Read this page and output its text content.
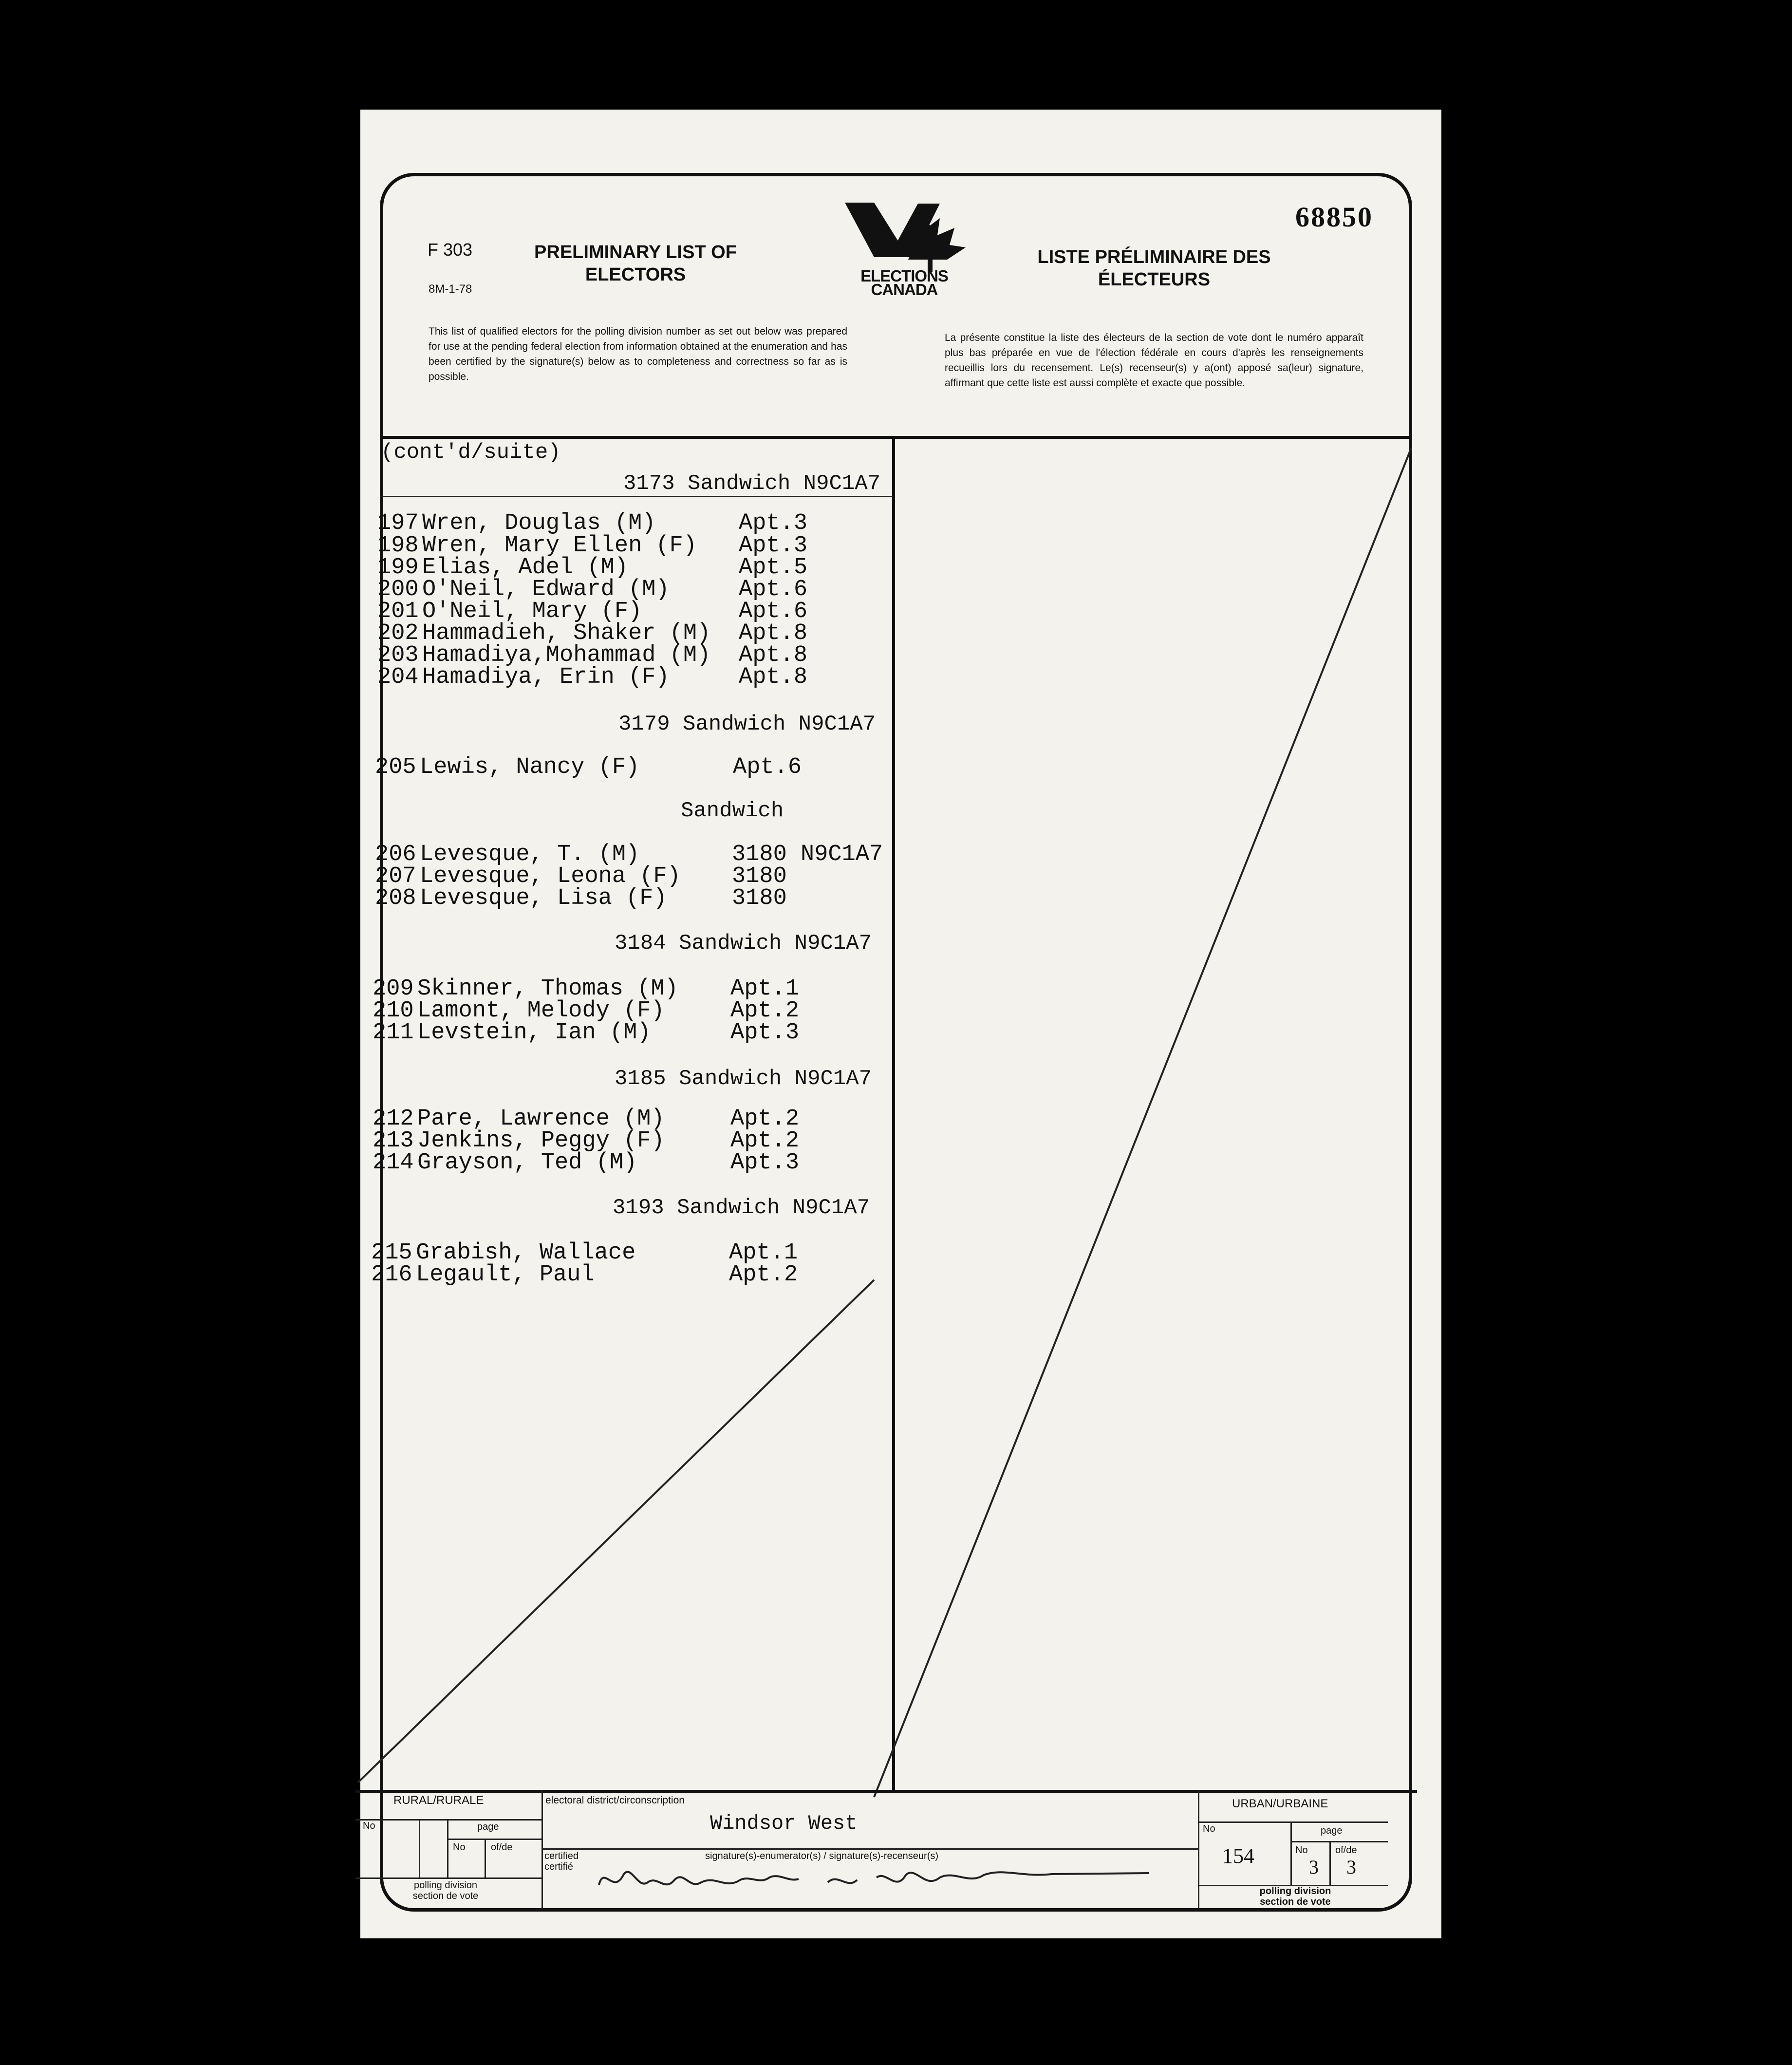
F 303
8M-1-78
PRELIMINARY LIST OF ELECTORS	ELECTIONS CANADA
LISTE PRÉLIMINAIRE DES ÉLECTEURS
68850
This list of qualified electors for the polling division number as set out below was prepared for use at the pending federal election from information obtained at the enumeration and has been certified by the signature(s) below as to completeness and correctness so far as is possible.
La présente constitue la liste des électeurs de la section de vote dont le numéro apparaît plus bas préparée en vue de l'élection fédérale en cours d'après les renseignements recueillis lors du recensement. Le(s) recenseur(s) y a(ont) apposé sa(leur) signature, affirmant que cette liste est aussi complète et exacte que possible.
(cont'd/suite)
3173 Sandwich N9C1A7
197 Wren, Douglas (M)	Apt.3
198 Wren, Mary Ellen (F) Apt.3
199 Elias, Adel (M)	Apt.5
200 O'Neil, Edward (M)	Apt.6
201 O'Neil, Mary (F)	Apt.6
202 Hammadieh, Shaker (M) Apt.8
203 Hamadiya,Mohammad (M) Apt.8
204 Hamadiya, Erin (F)	Apt.8
3179 Sandwich N9C1A7
205 Lewis, Nancy (F)	Apt.6
Sandwich
206 Levesque, T. (M)	3180 N9C1A7
207 Levesque, Leona (F) 3180
208 Levesque, Lisa (F)	3180
3184 Sandwich N9C1A7
209 Skinner, Thomas (M) Apt.1
210 Lamont, Melody (F)	Apt.2
211 Levstein, Ian (M)	Apt.3
3185 Sandwich N9C1A7
212 Pare, Lawrence (M)	Apt.2
213 Jenkins, Peggy (F)	Apt.2
214 Grayson, Ted (M)	Apt.3
3193 Sandwich N9C1A7
215 Grabish, Wallace	Apt.1
216 Legault, Paul	Apt.2
RURAL/RURALE
No	page
No	of/de
polling division section de vote
electoral district/circonscription
Windsor West
certified certifié
signature(s)-enumerator(s) / signature(s)-recenseur(s)
URBAN/URBAINE
No
154
page
No	of/de
3 3
polling division section de vote
